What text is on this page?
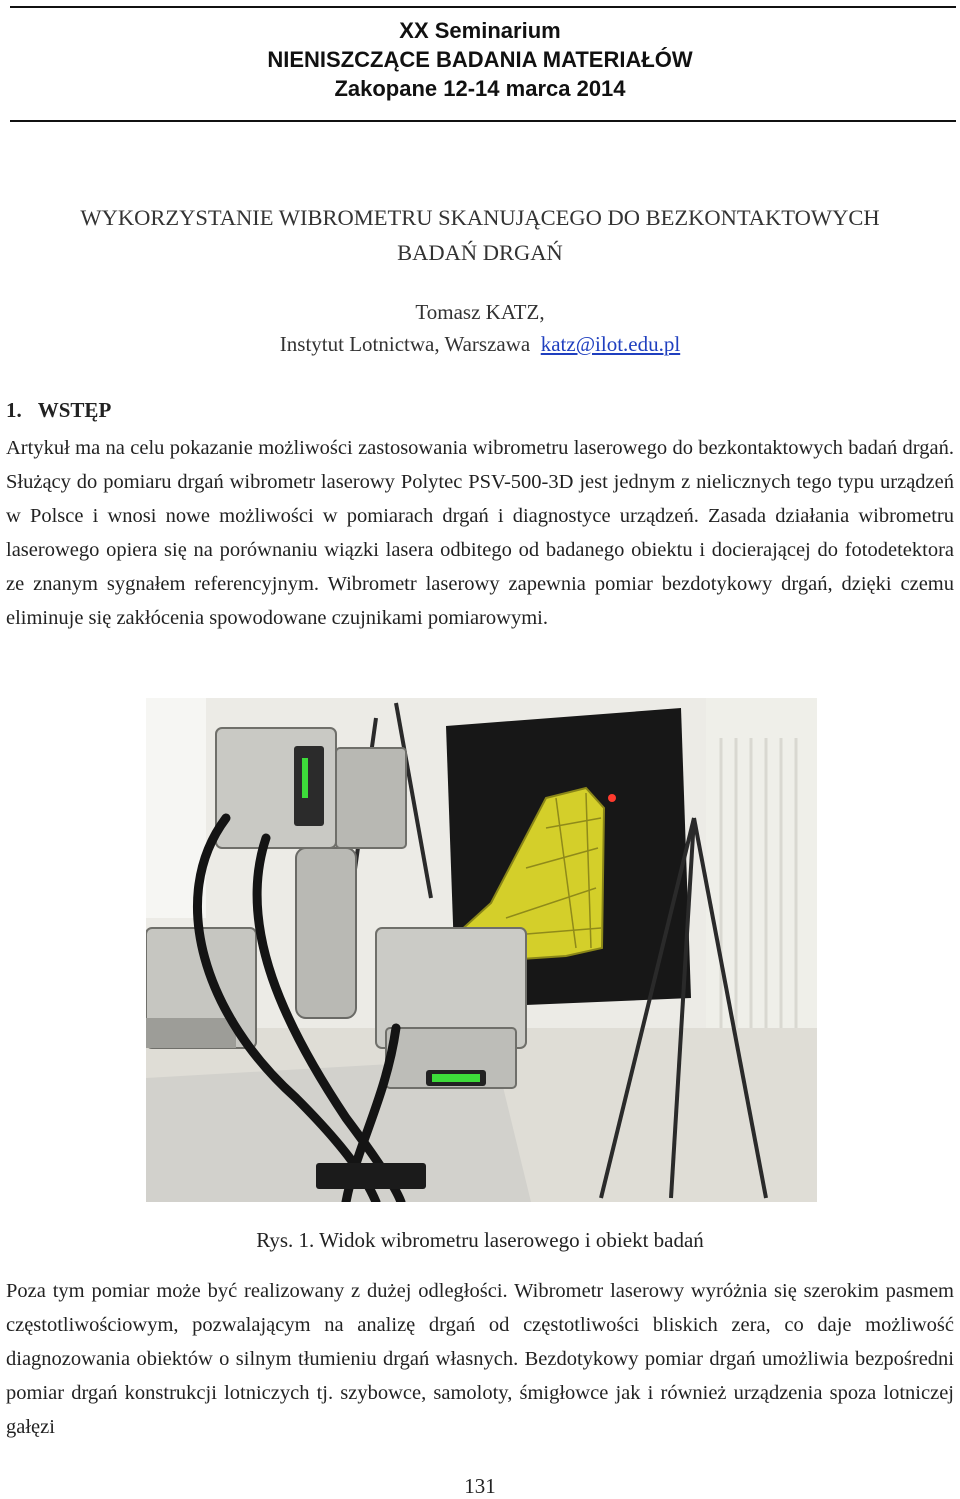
XX Seminarium
NIENISZCZĄCE BADANIA MATERIAŁÓW
Zakopane 12-14 marca 2014
WYKORZYSTANIE WIBROMETRU SKANUJĄCEGO DO BEZKONTAKTOWYCH
BADAŃ DRGAŃ
Tomasz KATZ,
Instytut Lotnictwa, Warszawa katz@ilot.edu.pl
1. WSTĘP
Artykuł ma na celu pokazanie możliwości zastosowania wibrometru laserowego do bezkontaktowych badań drgań. Służący do pomiaru drgań wibrometr laserowy Polytec PSV-500-3D jest jednym z nielicznych tego typu urządzeń w Polsce i wnosi nowe możliwości w pomiarach drgań i diagnostyce urządzeń. Zasada działania wibrometru laserowego opiera się na porównaniu wiązki lasera odbitego od badanego obiektu i docierającej do fotodetektora ze znanym sygnałem referencyjnym. Wibrometr laserowy zapewnia pomiar bezdotykowy drgań, dzięki czemu eliminuje się zakłócenia spowodowane czujnikami pomiarowymi.
Rys. 1. Widok wibrometru laserowego i obiekt badań
Poza tym pomiar może być realizowany z dużej odległości. Wibrometr laserowy wyróżnia się szerokim pasmem częstotliwościowym, pozwalającym na analizę drgań od częstotliwości bliskich zera, co daje możliwość diagnozowania obiektów o silnym tłumieniu drgań własnych. Bezdotykowy pomiar drgań umożliwia bezpośredni pomiar drgań konstrukcji lotniczych tj. szybowce, samoloty, śmigłowce jak i również urządzenia spoza lotniczej gałęzi
131
